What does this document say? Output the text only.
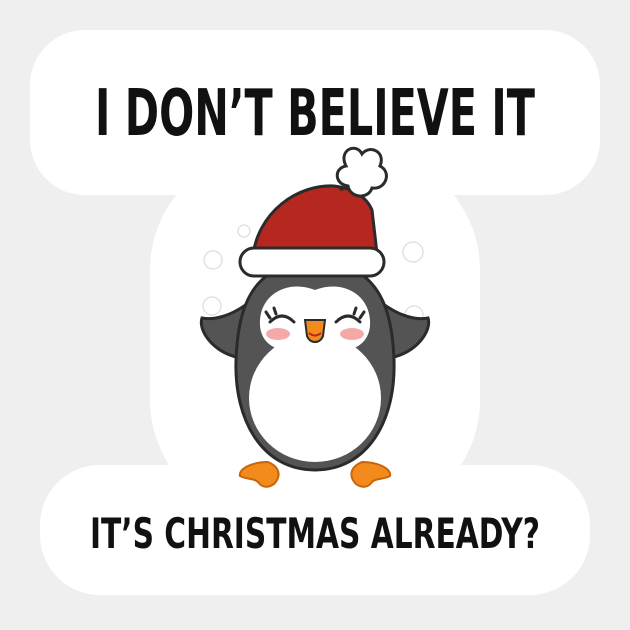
I DON’T BELIEVE IT
IT’S CHRISTMAS ALREADY?
